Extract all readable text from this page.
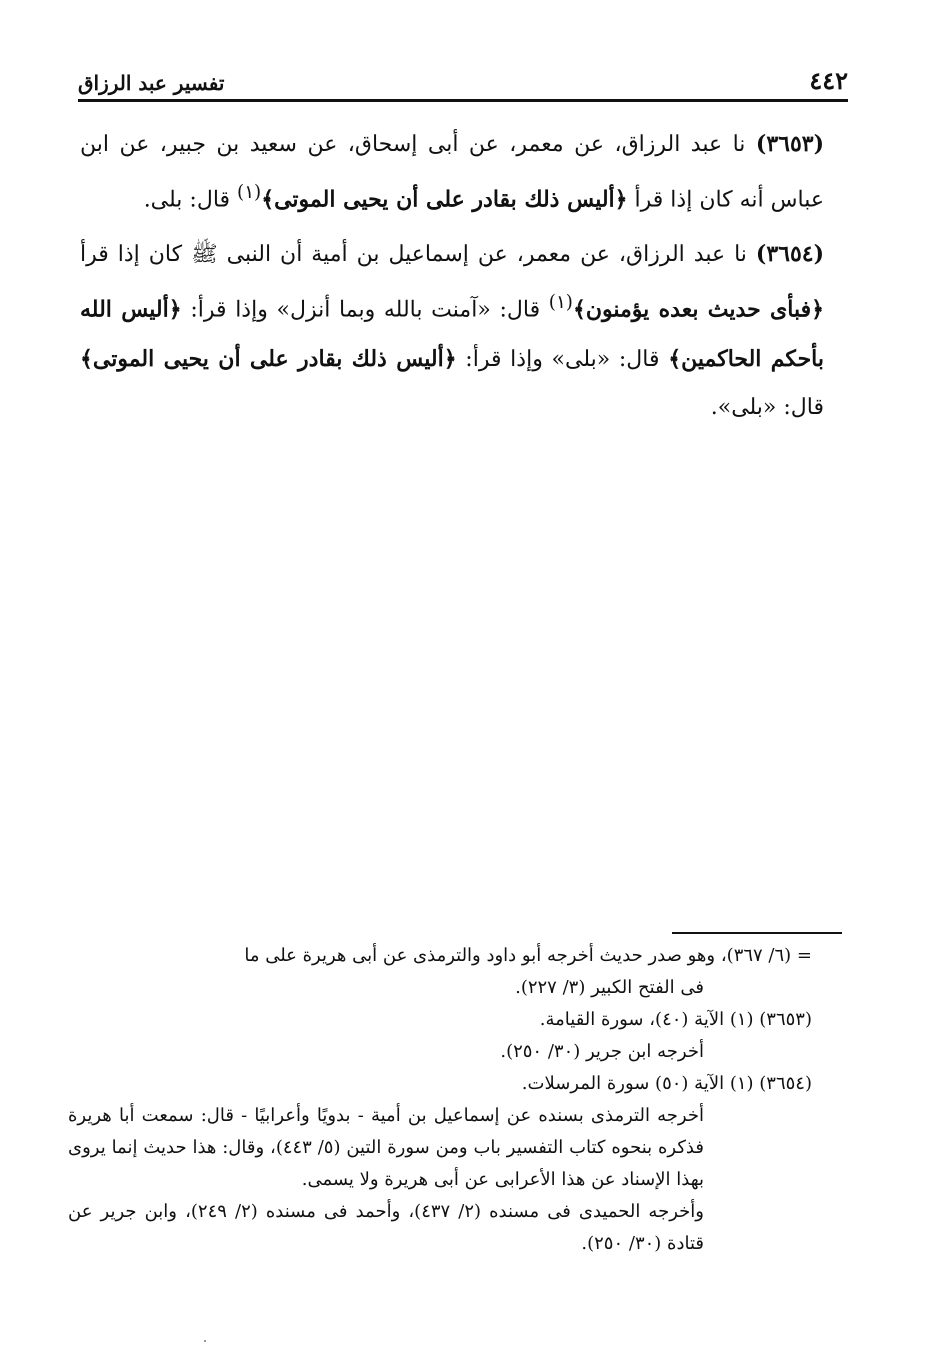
تفسير عبد الرزاق	٤٤٢

(٣٦٥٣) نا عبد الرزاق، عن معمر، عن أبى إسحاق، عن سعيد بن جبير، عن ابن عباس أنه كان إذا قرأ ﴿أليس ذلك بقادر على أن يحيى الموتى﴾$^{(١)}$ قال: بلى.

(٣٦٥٤) نا عبد الرزاق، عن معمر، عن إسماعيل بن أمية أن النبى ﷺ كان إذا قرأ ﴿فبأى حديث بعده يؤمنون﴾$^{(١)}$ قال: «آمنت بالله وبما أنزل» وإذا قرأ: ﴿أليس الله بأحكم الحاكمين﴾ قال: «بلى» وإذا قرأ: ﴿أليس ذلك بقادر على أن يحيى الموتى﴾ قال: «بلى».

= (٦/ ٣٦٧)، وهو صدر حديث أخرجه أبو داود والترمذى عن أبى هريرة على ما

فى الفتح الكبير (٣/ ٢٢٧).

(٣٦٥٣) (١) الآية (٤٠)، سورة القيامة.

أخرجه ابن جرير (٣٠/ ٢٥٠).

(٣٦٥٤) (١) الآية (٥٠) سورة المرسلات.

أخرجه الترمذى بسنده عن إسماعيل بن أمية - بدويًا وأعرابيًا - قال: سمعت أبا هريرة فذكره بنحوه كتاب التفسير باب ومن سورة التين (٥/ ٤٤٣)، وقال: هذا حديث إنما يروى بهذا الإسناد عن هذا الأعرابى عن أبى هريرة ولا يسمى.

وأخرجه الحميدى فى مسنده (٢/ ٤٣٧)، وأحمد فى مسنده (٢/ ٢٤٩)، وابن جرير عن قتادة (٣٠/ ٢٥٠).
